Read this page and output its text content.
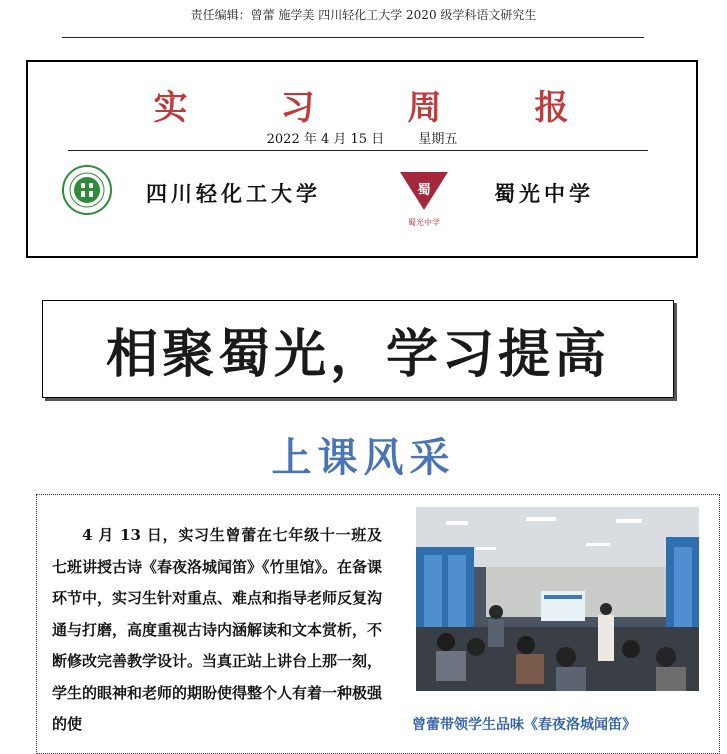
责任编辑：曾蕾 施学美 四川轻化工大学 2020 级学科语文研究生
实	习	周	报
2022 年 4 月 15 日	星期五
四川轻化工大学	蜀
蜀光中学
蜀光中学
相聚蜀光，学习提高
上课风采
4 月 13 日，实习生曾蕾在七年级十一班及七班讲授古诗《春夜洛城闻笛》《竹里馆》。在备课环节中，实习生针对重点、难点和指导老师反复沟通与打磨，高度重视古诗内涵解读和文本赏析，不断修改完善教学设计。当真正站上讲台上那一刻，学生的眼神和老师的期盼使得整个人有着一种极强的使	曾蕾带领学生品味《春夜洛城闻笛》
